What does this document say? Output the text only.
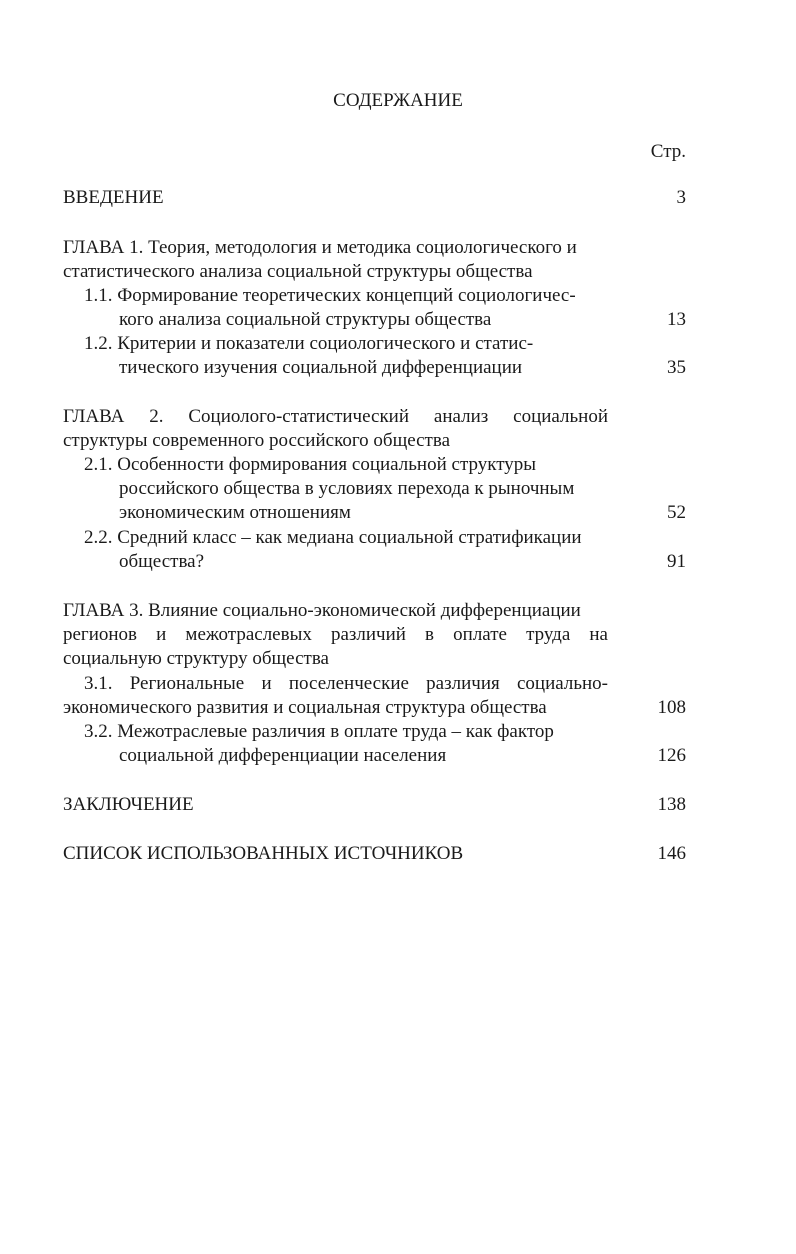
СОДЕРЖАНИЕ
Стр.
ВВЕДЕНИЕ	3
ГЛАВА 1. Теория, методология и методика социологического и
статистического анализа социальной структуры общества
1.1. Формирование теоретических концепций социологичес-
кого анализа социальной структуры общества	13
1.2. Критерии и показатели социологического и статис-
тического изучения социальной дифференциации	35
ГЛАВА 2. Социолого-статистический анализ социальной
структуры современного российского общества
2.1. Особенности формирования социальной структуры
российского общества в условиях перехода к рыночным
экономическим отношениям	52
2.2. Средний класс – как медиана социальной стратификации
общества?	91
ГЛАВА 3. Влияние социально-экономической дифференциации
регионов и межотраслевых различий в оплате труда на
социальную структуру общества
3.1. Региональные и поселенческие различия социально-
экономического развития и социальная структура общества	108
3.2. Межотраслевые различия в оплате труда – как фактор
социальной дифференциации населения	126
ЗАКЛЮЧЕНИЕ	138
СПИСОК ИСПОЛЬЗОВАННЫХ ИСТОЧНИКОВ	146
